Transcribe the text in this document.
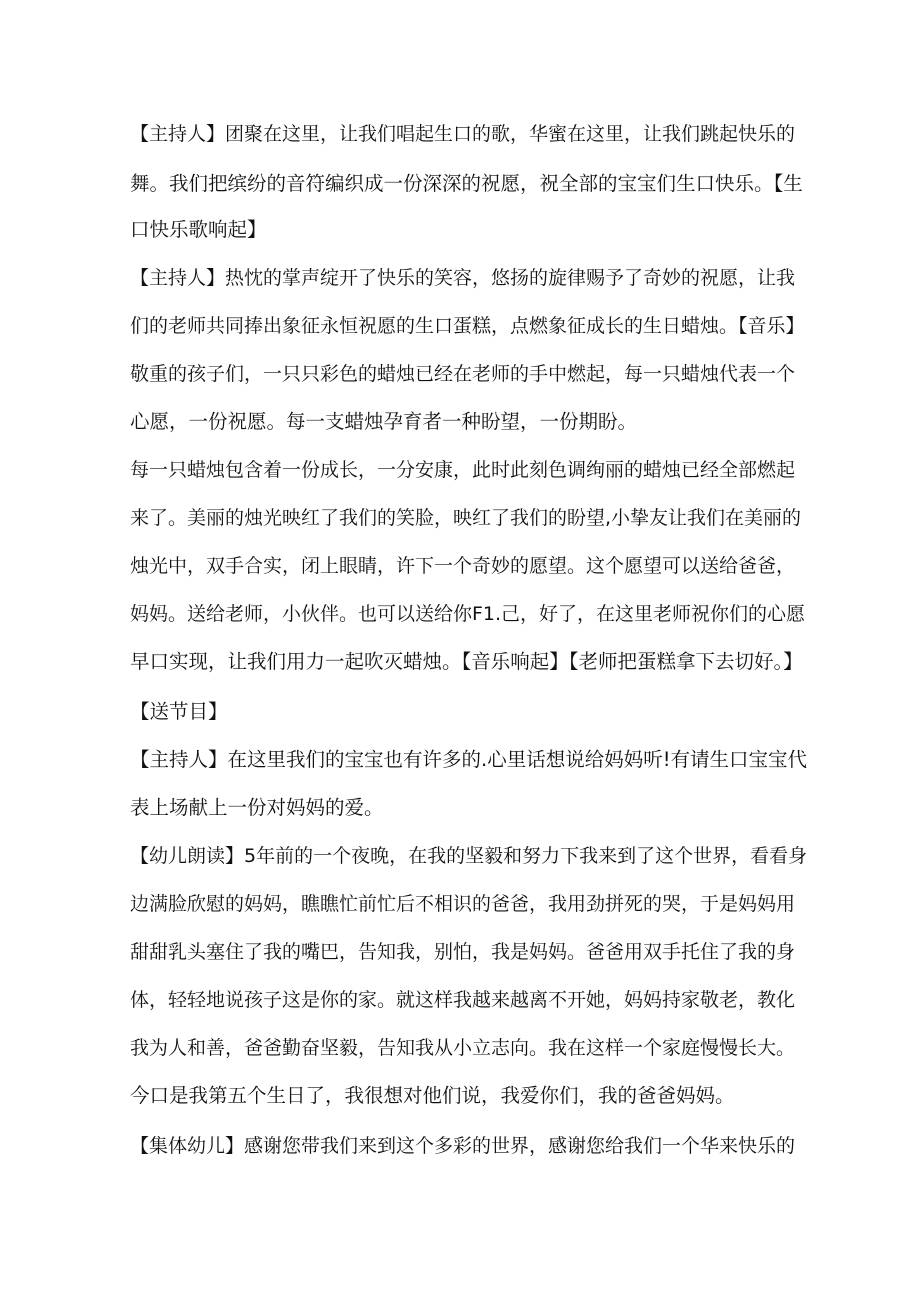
【主持人】团聚在这里，让我们唱起生口的歌，华蜜在这里，让我们跳起快乐的
舞。我们把缤纷的音符编织成一份深深的祝愿，祝全部的宝宝们生口快乐。【生
口快乐歌响起】
【主持人】热忱的掌声绽开了快乐的笑容，悠扬的旋律赐予了奇妙的祝愿，让我
们的老师共同捧出象征永恒祝愿的生口蛋糕，点燃象征成长的生日蜡烛。【音乐】
敬重的孩子们，一只只彩色的蜡烛已经在老师的手中燃起，每一只蜡烛代表一个
心愿，一份祝愿。每一支蜡烛孕育者一种盼望，一份期盼。
每一只蜡烛包含着一份成长，一分安康，此时此刻色调绚丽的蜡烛已经全部燃起
来了。美丽的烛光映红了我们的笑脸，映红了我们的盼望,小挚友让我们在美丽的
烛光中，双手合实，闭上眼睛，许下一个奇妙的愿望。这个愿望可以送给爸爸，
妈妈。送给老师，小伙伴。也可以送给你F1.己，好了，在这里老师祝你们的心愿
早口实现，让我们用力一起吹灭蜡烛。【音乐响起】【老师把蛋糕拿下去切好。】
【送节目】
【主持人】在这里我们的宝宝也有许多的.心里话想说给妈妈听!有请生口宝宝代
表上场献上一份对妈妈的爱。
【幼儿朗读】5年前的一个夜晚，在我的坚毅和努力下我来到了这个世界，看看身
边满脸欣慰的妈妈，瞧瞧忙前忙后不相识的爸爸，我用劲拼死的哭，于是妈妈用
甜甜乳头塞住了我的嘴巴，告知我，别怕，我是妈妈。爸爸用双手托住了我的身
体，轻轻地说孩子这是你的家。就这样我越来越离不开她，妈妈持家敬老，教化
我为人和善，爸爸勤奋坚毅，告知我从小立志向。我在这样一个家庭慢慢长大。
今口是我第五个生日了，我很想对他们说，我爱你们，我的爸爸妈妈。
【集体幼儿】感谢您带我们来到这个多彩的世界，感谢您给我们一个华来快乐的
